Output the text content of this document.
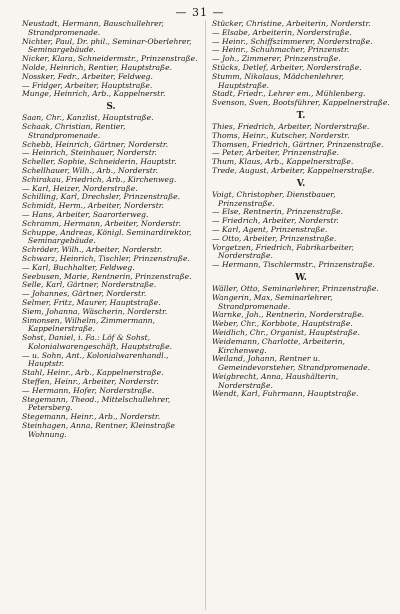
— 31 —

Neustadt, Hermann, Bauschullehrer, Strandpromenade.

Nichter, Paul, Dr. phil., Seminar-Oberlehrer, Seminargebäude.

Nicker, Klara, Schneidermstr., Prinzenstraße.

Nolde, Heinrich, Rentier, Hauptstraße.

Nossker, Fedr., Arbeiter, Feldweg.

— Fridger, Arbeiter, Hauptstraße.

Munge, Heinrich, Arb., Kappelnerstr.

S.

Saan, Chr., Kanzlist, Hauptstraße.

Schaak, Christian, Rentier, Strandpromenade.

Schebb, Heinrich, Gärtner, Norderstr.

— Heinrich, Steinhauer, Norderstr.

Scheller, Sophie, Schneiderin, Hauptstr.

Schellhauer, Wilh., Arb., Norderstr.

Schirakau, Friedrich, Arb., Kirchenweg.

— Karl, Heizer, Norderstraße.

Schilling, Karl, Drechsler, Prinzenstraße.

Schmidt, Herm., Arbeiter, Norderstr.

— Hans, Arbeiter, Saarorterweg.

Schramm, Hermann, Arbeiter, Norderstr.

Schuppe, Andreas, Königl. Seminardirektor, Seminargebäude.

Schröder, Wilh., Arbeiter, Norderstr.

Schwarz, Heinrich, Tischler, Prinzenstraße.

— Karl, Buchhalter, Feldweg.

Seebusen, Marie, Rentnerin, Prinzenstraße.

Selle, Karl, Gärtner, Norderstraße.

— Johannes, Gärtner, Norderstr.

Selmer, Fritz, Maurer, Hauptstraße.

Siem, Johanna, Wäscherin, Norderstr.

Simonsen, Wilhelm, Zimmermann, Kappelnerstraße.

Sohst, Daniel, i. Fa.: Löf & Sohst, Kolonialwarengeschäft, Hauptstraße.

— u. Sohn, Ant., Kolonialwarenhandl., Hauptstr.

Stahl, Heinr., Arb., Kappelnerstraße.

Steffen, Heinr., Arbeiter, Norderstr.

— Hermann, Hofer, Norderstraße.

Stegemann, Theod., Mittelschullehrer, Petersberg.

Stegemann, Heinr., Arb., Norderstr.

Steinhagen, Anna, Rentner, Kleinstraße Wohnung.

Stücker, Christine, Arbeiterin, Norderstr.

— Elsabe, Arbeiterin, Norderstraße.

— Heinr., Schiffszimmerer, Norderstraße.

— Heinr., Schuhmacher, Prinzenstr.

— Joh., Zimmerer, Prinzenstraße.

Stücks, Detlef, Arbeiter, Norderstraße.

Stumm, Nikolaus, Mädchenlehrer, Hauptstraße.

Stadt, Friedr., Lehrer em., Mühlenberg.

Svenson, Sven, Bootsführer, Kappelnerstraße.

T.

Thies, Friedrich, Arbeiter, Norderstraße.

Thoms, Heinr., Kutscher, Norderstr.

Thomsen, Friedrich, Gärtner, Prinzenstraße.

— Peter, Arbeiter, Prinzenstraße.

Thum, Klaus, Arb., Kappelnerstraße.

Trede, August, Arbeiter, Kappelnerstraße.

V.

Voigt, Christopher, Dienstbauer, Prinzenstraße.

— Else, Rentnerin, Prinzenstraße.

— Friedrich, Arbeiter, Norderstr.

— Karl, Agent, Prinzenstraße.

— Otto, Arbeiter, Prinzenstraße.

Vorgetzen, Friedrich, Fabrikarbeiter, Norderstraße.

— Hermann, Tischlermstr., Prinzenstraße.

W.

Wäller, Otto, Seminarlehrer, Prinzenstraße.

Wangerin, Max, Seminarlehrer, Strandpromenade.

Warnke, Joh., Rentnerin, Norderstraße.

Weber, Chr., Korbbote, Hauptstraße.

Weidlich, Chr., Organist, Hauptstraße.

Weidemann, Charlotte, Arbeiterin, Kirchenweg.

Weiland, Johann, Rentner u. Gemeindevorsteher, Strandpromenade.

Weigbrecht, Anna, Haushälterin, Norderstraße.

Wendt, Karl, Fuhrmann, Hauptstraße.
